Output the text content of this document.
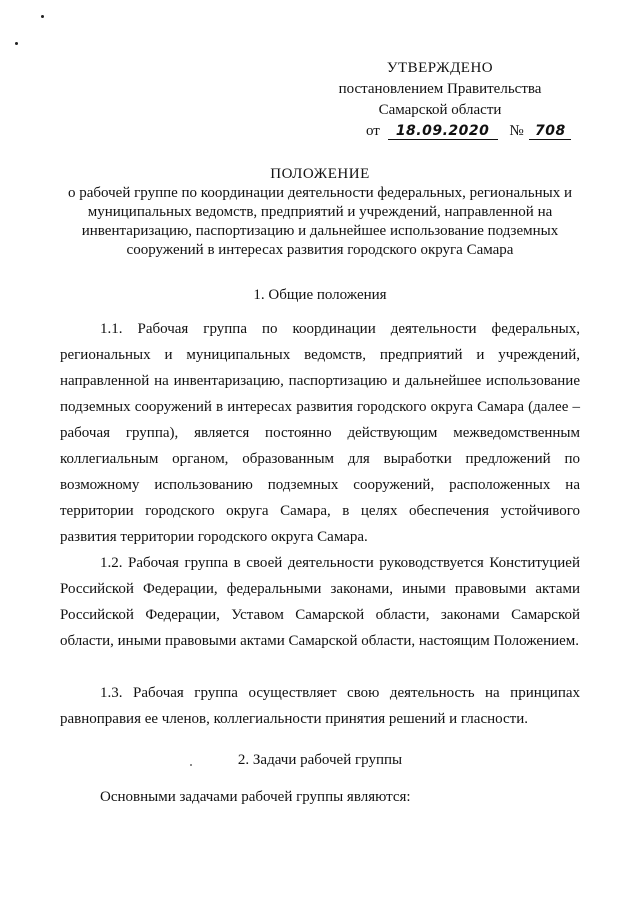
УТВЕРЖДЕНО
постановлением Правительства
Самарской области
от 18.09.2020 № 708
ПОЛОЖЕНИЕ
о рабочей группе по координации деятельности федеральных, региональных и муниципальных ведомств, предприятий и учреждений, направленной на инвентаризацию, паспортизацию и дальнейшее использование подземных сооружений в интересах развития городского округа Самара
1. Общие положения
1.1. Рабочая группа по координации деятельности федеральных, региональных и муниципальных ведомств, предприятий и учреждений, направленной на инвентаризацию, паспортизацию и дальнейшее использование подземных сооружений в интересах развития городского округа Самара (далее – рабочая группа), является постоянно действующим межведомственным коллегиальным органом, образованным для выработки предложений по возможному использованию подземных сооружений, расположенных на территории городского округа Самара, в целях обеспечения устойчивого развития территории городского округа Самара.
1.2. Рабочая группа в своей деятельности руководствуется Конституцией Российской Федерации, федеральными законами, иными правовыми актами Российской Федерации, Уставом Самарской области, законами Самарской области, иными правовыми актами Самарской области, настоящим Положением.
1.3. Рабочая группа осуществляет свою деятельность на принципах равноправия ее членов, коллегиальности принятия решений и гласности.
2. Задачи рабочей группы
Основными задачами рабочей группы являются:
